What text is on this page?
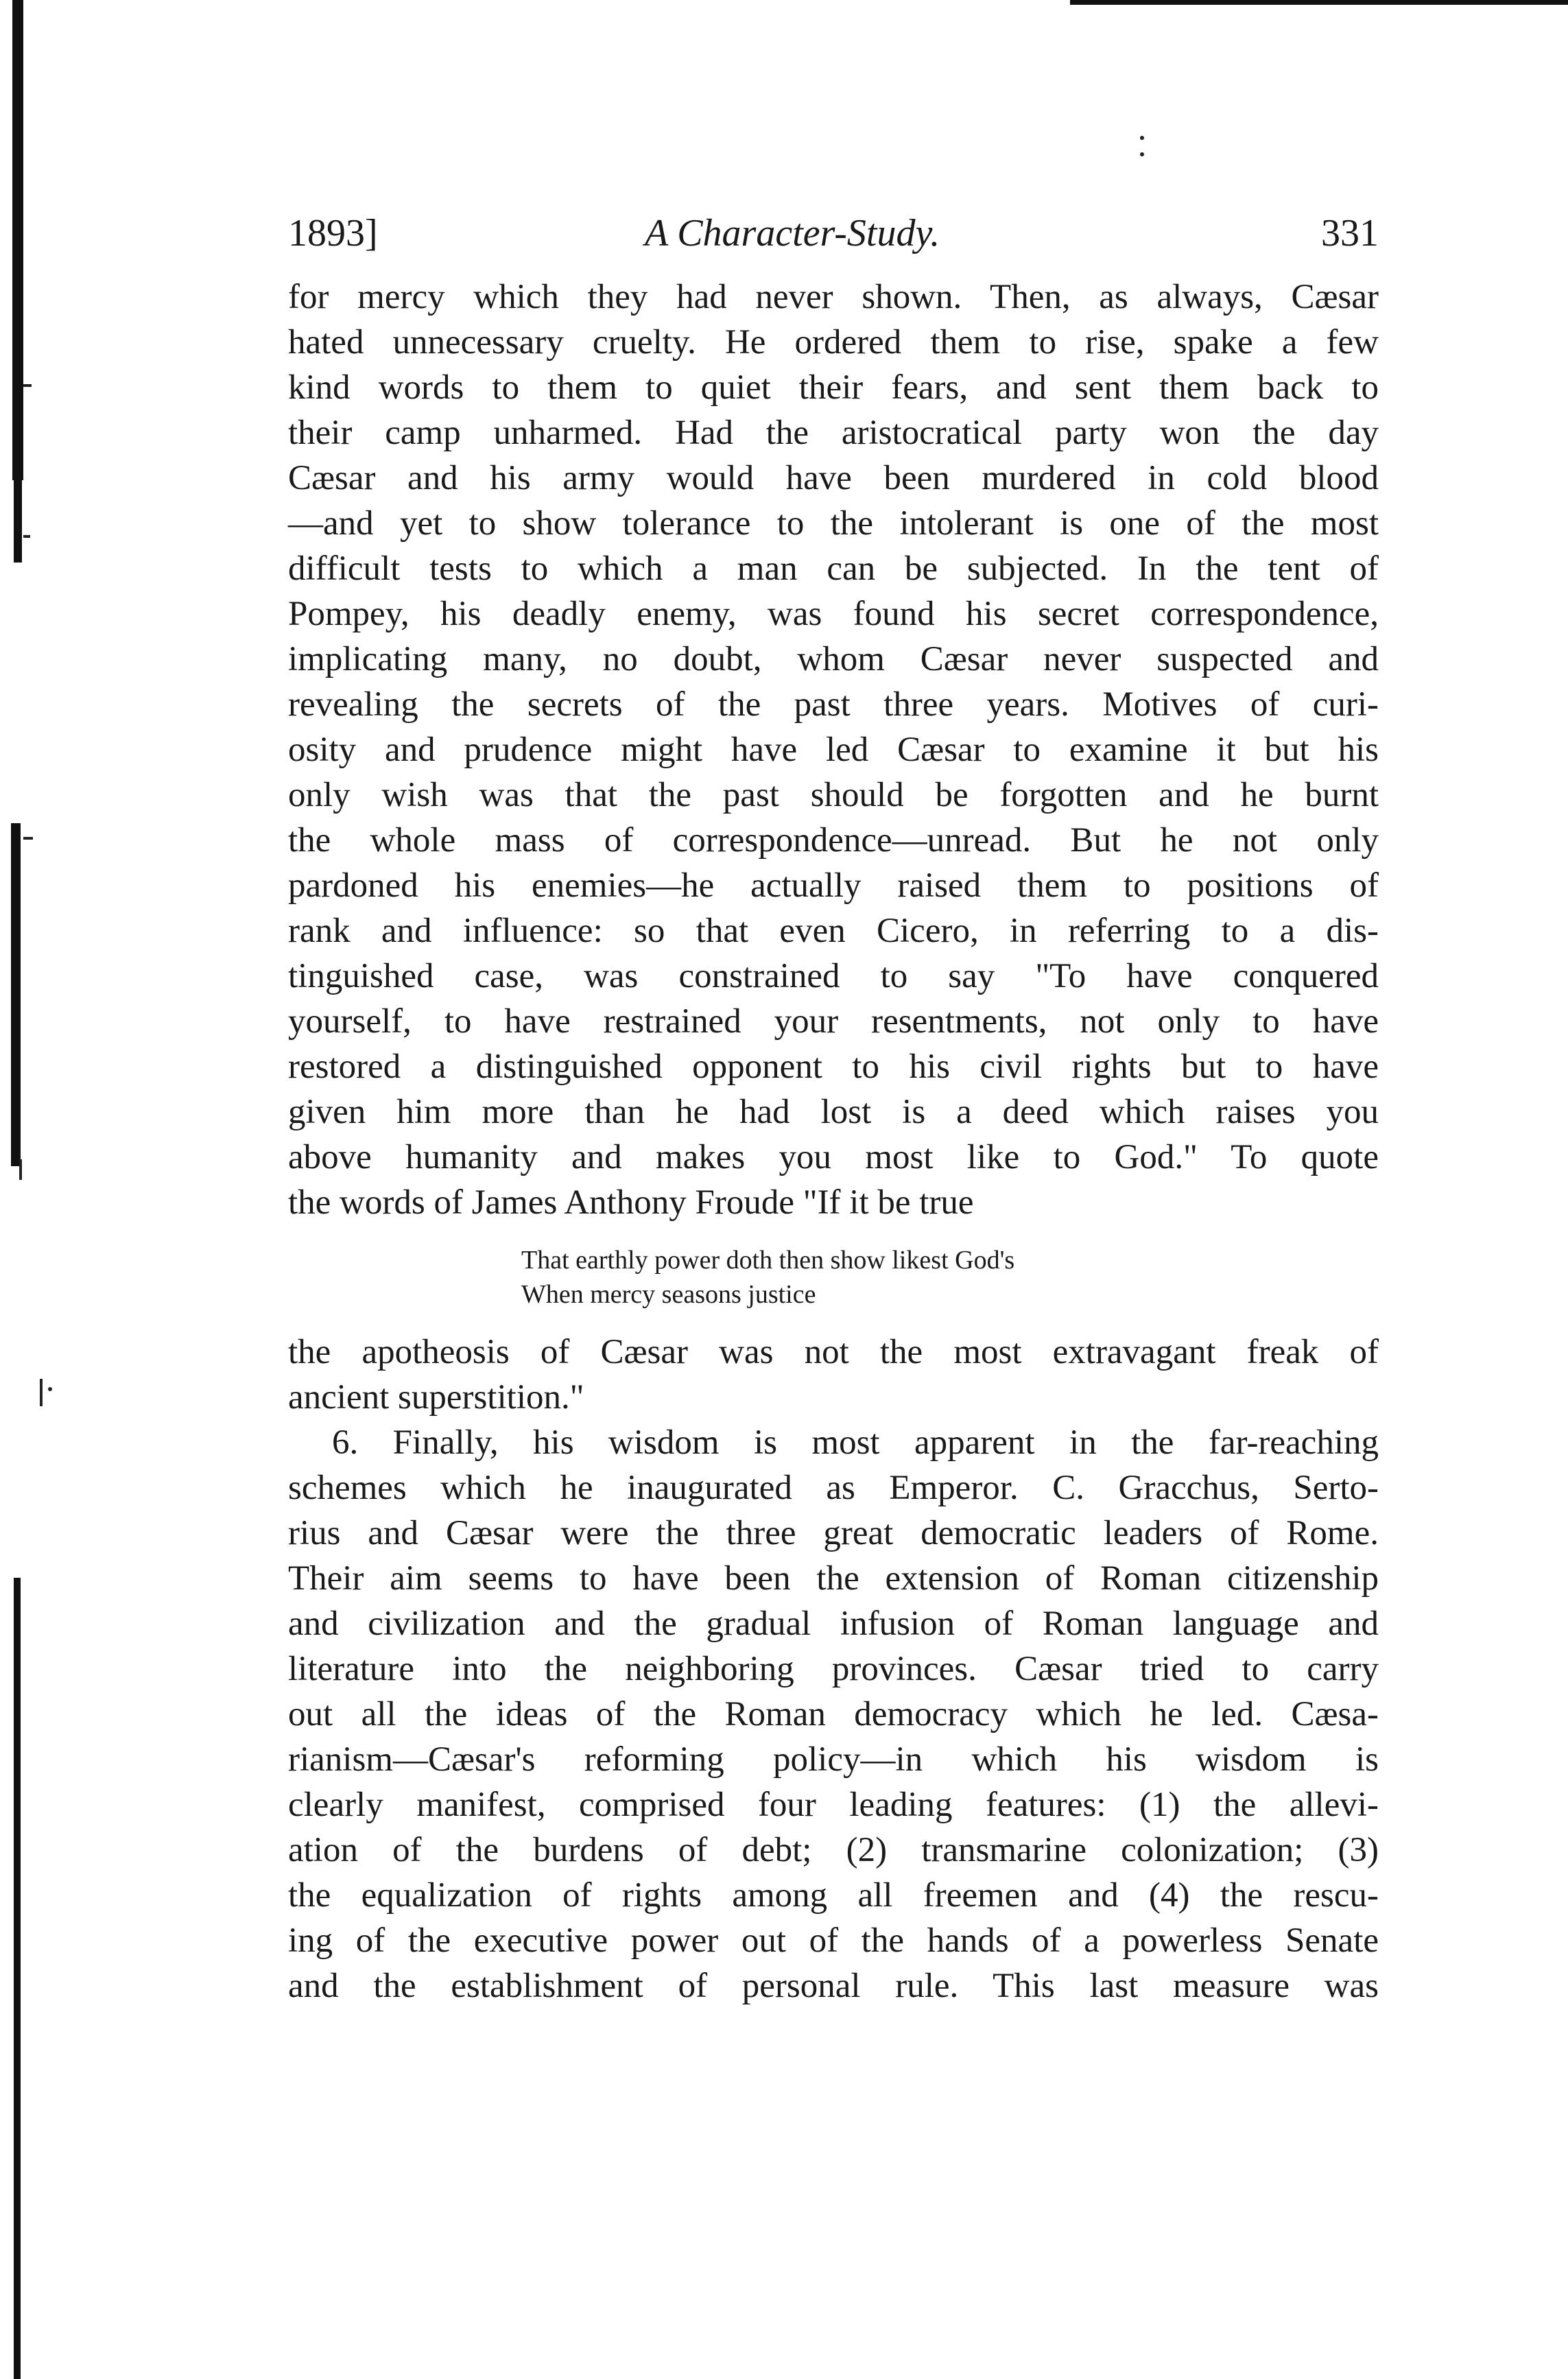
1893]	A Character-Study.	331
for mercy which they had never shown. Then, as always, Cæsar
hated unnecessary cruelty. He ordered them to rise, spake a few
kind words to them to quiet their fears, and sent them back to
their camp unharmed. Had the aristocratical party won the day
Cæsar and his army would have been murdered in cold blood
—and yet to show tolerance to the intolerant is one of the most
difficult tests to which a man can be subjected. In the tent of
Pompey, his deadly enemy, was found his secret correspondence,
implicating many, no doubt, whom Cæsar never suspected and
revealing the secrets of the past three years. Motives of curi-
osity and prudence might have led Cæsar to examine it but his
only wish was that the past should be forgotten and he burnt
the whole mass of correspondence—unread. But he not only
pardoned his enemies—he actually raised them to positions of
rank and influence: so that even Cicero, in referring to a dis-
tinguished case, was constrained to say "To have conquered
yourself, to have restrained your resentments, not only to have
restored a distinguished opponent to his civil rights but to have
given him more than he had lost is a deed which raises you
above humanity and makes you most like to God." To quote
the words of James Anthony Froude "If it be true
That earthly power doth then show likest God's
When mercy seasons justice
the apotheosis of Cæsar was not the most extravagant freak of
ancient superstition."
6. Finally, his wisdom is most apparent in the far-reaching
schemes which he inaugurated as Emperor. C. Gracchus, Serto-
rius and Cæsar were the three great democratic leaders of Rome.
Their aim seems to have been the extension of Roman citizenship
and civilization and the gradual infusion of Roman language and
literature into the neighboring provinces. Cæsar tried to carry
out all the ideas of the Roman democracy which he led. Cæsa-
rianism—Cæsar's reforming policy—in which his wisdom is
clearly manifest, comprised four leading features: (1) the allevi-
ation of the burdens of debt; (2) transmarine colonization; (3)
the equalization of rights among all freemen and (4) the rescu-
ing of the executive power out of the hands of a powerless Senate
and the establishment of personal rule. This last measure was
